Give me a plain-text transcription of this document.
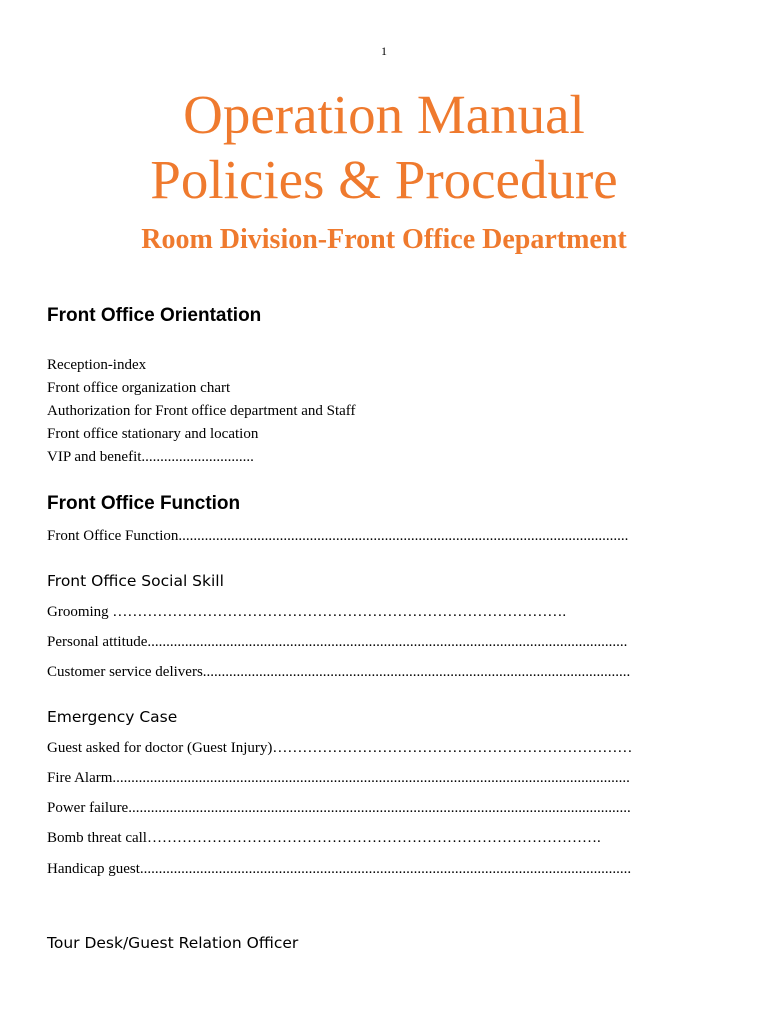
1
Operation Manual
Policies & Procedure
Room Division-Front Office Department
Front Office Orientation
Reception-index
Front office organization chart
Authorization for Front office department and Staff
Front office stationary and location
VIP and benefit..............................
Front Office Function
Front Office Function........................................................................................................................
Front Office Social Skill
Grooming ……………………………………………………………………………….
Personal attitude................................................................................................................................
Customer service delivers..................................................................................................................
Emergency Case
Guest asked for doctor (Guest Injury)………………………………………………………………
Fire Alarm..........................................................................................................................................
Power failure......................................................................................................................................
Bomb threat call……………………………………………………………………………….
Handicap guest...................................................................................................................................
Tour Desk/Guest Relation Officer
